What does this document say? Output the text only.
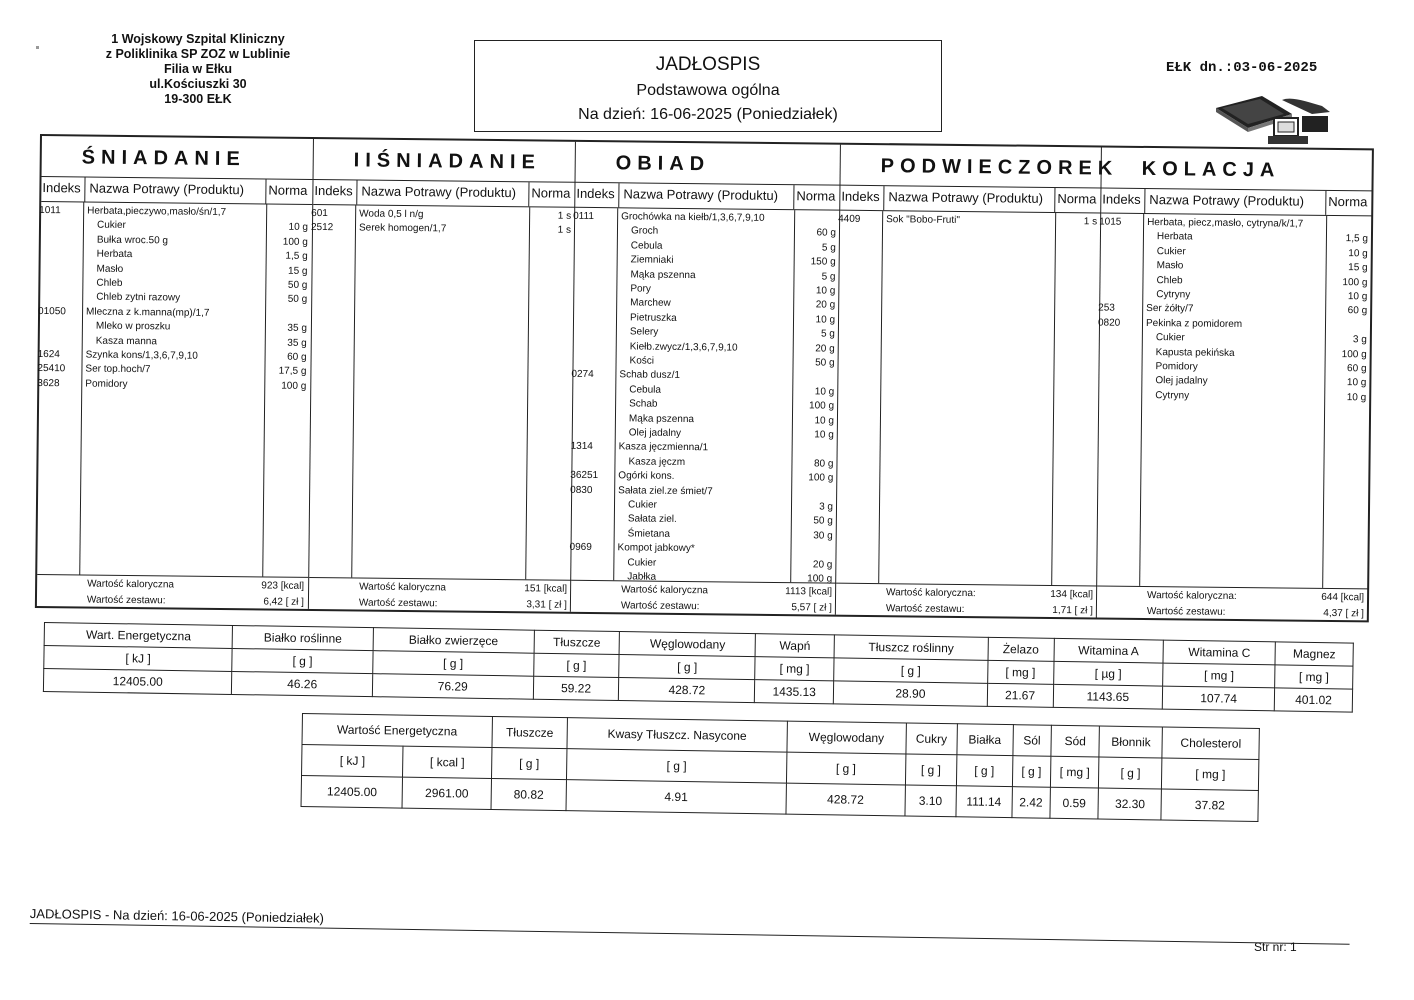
1 Wojskowy Szpital Kliniczny
z Poliklinika SP ZOZ w Lublinie
Filia w Ełku
ul.Kościuszki 30
19-300 EŁK
JADŁOSPIS
Podstawowa ogólna
Na dzień: 16-06-2025 (Poniedziałek)
EŁK dn.:03-06-2025
ŚNIADANIE
Indeks Nazwa Potrawy (Produktu)	Norma
1011	Herbata,pieczywo,masło/śn/1,7
Cukier	10 g
Bułka wroc.50 g	100 g
Herbata	1,5 g
Masło	15 g
Chleb	50 g
Chleb zytni razowy	50 g
01050	Mleczna z k.manna(mp)/1,7
Mleko w proszku	35 g
Kasza manna	35 g
1624	Szynka kons/1,3,6,7,9,10	60 g
25410	Ser top.hoch/7	17,5 g
3628	Pomidory	100 g
Wartość kaloryczna	923 [kcal]
Wartość zestawu:	6,42 [ zł ]
IIŚNIADANIE
Indeks Nazwa Potrawy (Produktu)	Norma
601	Woda 0,5 l n/g	1 s
2512	Serek homogen/1,7	1 s
Wartość kaloryczna	151 [kcal]
Wartość zestawu:	3,31 [ zł ]
OBIAD
Indeks Nazwa Potrawy (Produktu)	Norma
0111	Grochówka na kiełb/1,3,6,7,9,10
Groch	60 g
Cebula	5 g
Ziemniaki	150 g
Mąka pszenna	5 g
Pory	10 g
Marchew	20 g
Pietruszka	10 g
Selery	5 g
Kiełb.zwycz/1,3,6,7,9,10	20 g
Kości	50 g
0274	Schab dusz/1
Cebula	10 g
Schab	100 g
Mąka pszenna	10 g
Olej jadalny	10 g
1314	Kasza jęczmienna/1
Kasza jęczm	80 g
36251	Ogórki kons.	100 g
0830	Sałata ziel.ze śmiet/7
Cukier	3 g
Sałata ziel.	50 g
Śmietana	30 g
0969	Kompot jabkowy*
Cukier	20 g
Jabłka	100 g
Wartość kaloryczna	1113 [kcal]
Wartość zestawu:	5,57 [ zł ]
PODWIECZOREK
Indeks Nazwa Potrawy (Produktu)	Norma
4409	Sok "Bobo-Fruti"	1 s
Wartość kaloryczna:	134 [kcal]
Wartość zestawu:	1,71 [ zł ]
KOLACJA
Indeks Nazwa Potrawy (Produktu)	Norma
1015	Herbata, piecz,masło, cytryna/k/1,7
Herbata	1,5 g
Cukier	10 g
Masło	15 g
Chleb	100 g
Cytryny	10 g
253	Ser żółty/7	60 g
0820	Pekinka z pomidorem
Cukier	3 g
Kapusta pekińska	100 g
Pomidory	60 g
Olej jadalny	10 g
Cytryny	10 g
Wartość kaloryczna:	644 [kcal]
Wartość zestawu:	4,37 [ zł ]
Wart. Energetyczna	Białko roślinne	Białko zwierzęce	Tłuszcze	Węglowodany	Wapń	Tłuszcz roślinny	Żelazo	Witamina A	Witamina C	Magnez
[ kJ ]	[ g ]	[ g ]	[ g ]	[ g ]	[ mg ]	[ g ]	[ mg ]	[ µg ]	[ mg ]	[ mg ]
12405.00	46.26	76.29	59.22	428.72	1435.13	28.90	21.67	1143.65	107.74	401.02
Wartość Energetyczna		Tłuszcze	Kwasy Tłuszcz. Nasycone	Węglowodany	Cukry	Białka	Sól	Sód	Błonnik	Cholesterol
[ kJ ]	[ kcal ]	[ g ]	[ g ]	[ g ]	[ g ]	[ g ]	[ g ]	[ mg ]	[ g ]	[ mg ]
12405.00	2961.00	80.82	4.91	428.72	3.10	111.14	2.42	0.59	32.30	37.82
JADŁOSPIS - Na dzień: 16-06-2025 (Poniedziałek)
Str nr: 1
